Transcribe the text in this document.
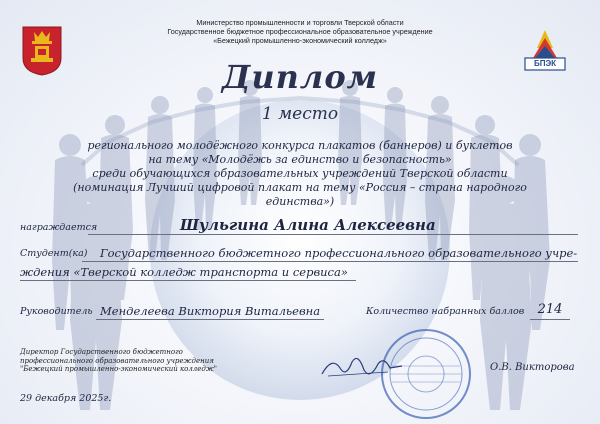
БПЭК
Министерство промышленности и торговли Тверской области
Государственное бюджетное профессиональное образовательное учреждение
«Бежецкий промышленно-экономический колледж»
Диплом
1 место
регионального молодёжного конкурса плакатов (баннеров) и буклетов
на тему «Молодёжь за единство и безопасность»
среди обучающихся образовательных учреждений Тверской области
(номинация Лучший цифровой плакат на тему «Россия – страна народного единства»)
награждается	Шульгина Алина Алексеевна
Студент(ка) Государственного бюджетного профессионального образовательного учре-
ждения «Тверской колледж транспорта и сервиса»
Руководитель Менделеева Виктория Витальевна	Количество набранных баллов	214
Директор Государственного бюджетного
профессионального образовательного учреждения
"Бежецкий промышленно-экономический колледж"	О.В. Викторова
29 декабря 2025г.
